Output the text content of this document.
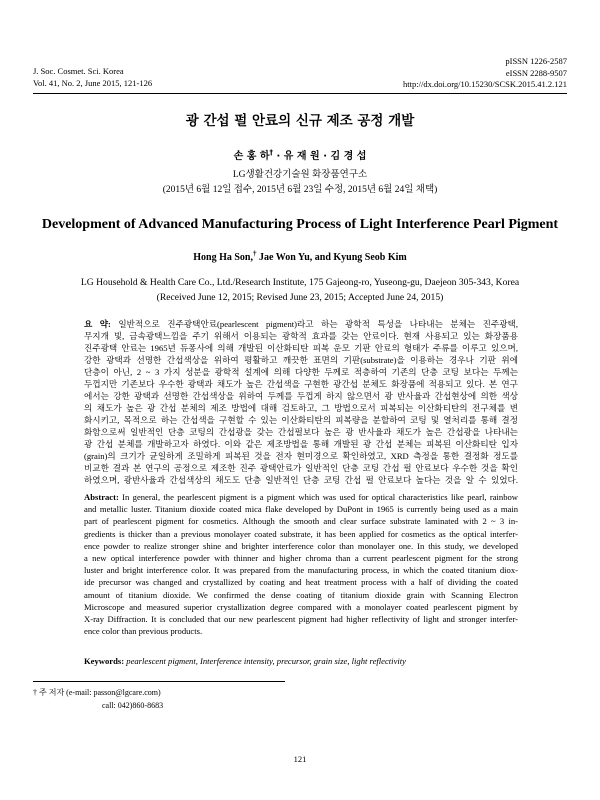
J. Soc. Cosmet. Sci. Korea
Vol. 41, No. 2, June 2015, 121-126
pISSN 1226-2587
eISSN 2288-9507
http://dx.doi.org/10.15230/SCSK.2015.41.2.121
광 간섭 펄 안료의 신규 제조 공정 개발
손 홍 하† · 유 재 원 · 김 경 섭
LG생활건강기술원 화장품연구소
(2015년 6월 12일 접수, 2015년 6월 23일 수정, 2015년 6월 24일 채택)
Development of Advanced Manufacturing Process of Light Interference Pearl Pigment
Hong Ha Son,† Jae Won Yu, and Kyung Seob Kim
LG Household & Health Care Co., Ltd./Research Institute, 175 Gajeong-ro, Yuseong-gu, Daejeon 305-343, Korea
(Received June 12, 2015; Revised June 23, 2015; Accepted June 24, 2015)
요 약: 일반적으로 진주광택안료(pearlescent pigment)라고 하는 광학적 특성을 나타내는 분체는 진주광택,
무지개 빛, 금속광택느낌을 주기 위해서 이용되는 광학적 효과를 갖는 안료이다. 현재 사용되고 있는 화장품용
진주광택 안료는 1965년 듀퐁사에 의해 개발된 이산화티탄 피복 운모 기판 안료의 형태가 주류를 이루고 있으며,
강한 광택과 선명한 간섭색상을 위하여 평활하고 깨끗한 표면의 기판(substrate)을 이용하는 경우나 기판 위에
단층이 아닌, 2 ~ 3 가지 성분을 광학적 설계에 의해 다양한 두께로 적층하여 기존의 단층 코팅 보다는 두께는
두껍지만 기존보다 우수한 광택과 채도가 높은 간섭색을 구현한 광간섭 분체도 화장품에 적용되고 있다. 본 연구
에서는 강한 광택과 선명한 간섭색상을 위하여 두께를 두껍게 하지 않으면서 광 반사율과 간섭현상에 의한 색상
의 채도가 높은 광 간섭 분체의 제조 방법에 대해 검토하고, 그 방법으로서 피복되는 이산화티탄의 전구체를 변
화시키고, 목적으로 하는 간섭색을 구현할 수 있는 이산화티탄의 피복량을 분할하여 코팅 및 열처리를 통해 결정
화함으로써 일반적인 단층 코팅의 간섭광을 갖는 간섭펄보다 높은 광 반사율과 채도가 높은 간섭광을 나타내는
광 간섭 분체를 개발하고자 하였다. 이와 같은 제조방법을 통해 개발된 광 간섭 분체는 피복된 이산화티탄 입자
(grain)의 크기가 균일하게 조밀하게 피복된 것을 전자 현미경으로 확인하였고, XRD 측정을 통한 결정화 정도를
비교한 결과 본 연구의 공정으로 제조한 진주 광택안료가 일반적인 단층 코팅 간섭 펄 안료보다 우수한 것을 확인
하였으며, 광반사율과 간섭색상의 채도도 단층 일반적인 단층 코팅 간섭 펄 안료보다 높다는 것을 알 수 있었다.
Abstract: In general, the pearlescent pigment is a pigment which was used for optical characteristics like pearl, rainbow
and metallic luster. Titanium dioxide coated mica flake developed by DuPont in 1965 is currently being used as a main
part of pearlescent pigment for cosmetics. Although the smooth and clear surface substrate laminated with 2 ~ 3 in-
gredients is thicker than a previous monolayer coated substrate, it has been applied for cosmetics as the optical interfer-
ence powder to realize stronger shine and brighter interference color than monolayer one. In this study, we developed
a new optical interference powder with thinner and higher chroma than a current pearlescent pigment for the strong
luster and bright interference color. It was prepared from the manufacturing process, in which the coated titanium diox-
ide precursor was changed and crystallized by coating and heat treatment process with a half of dividing the coated
amount of titanium dioxide. We confirmed the dense coating of titanium dioxide grain with Scanning Electron
Microscope and measured superior crystallization degree compared with a monolayer coated pearlescent pigment by
X-ray Diffraction. It is concluded that our new pearlescent pigment had higher reflectivity of light and stronger interfer-
ence color than previous products.
Keywords: pearlescent pigment, Interference intensity, precursor, grain size, light reflectivity
† 주 저자 (e-mail: passon@lgcare.com)
call: 042)860-8683
121
